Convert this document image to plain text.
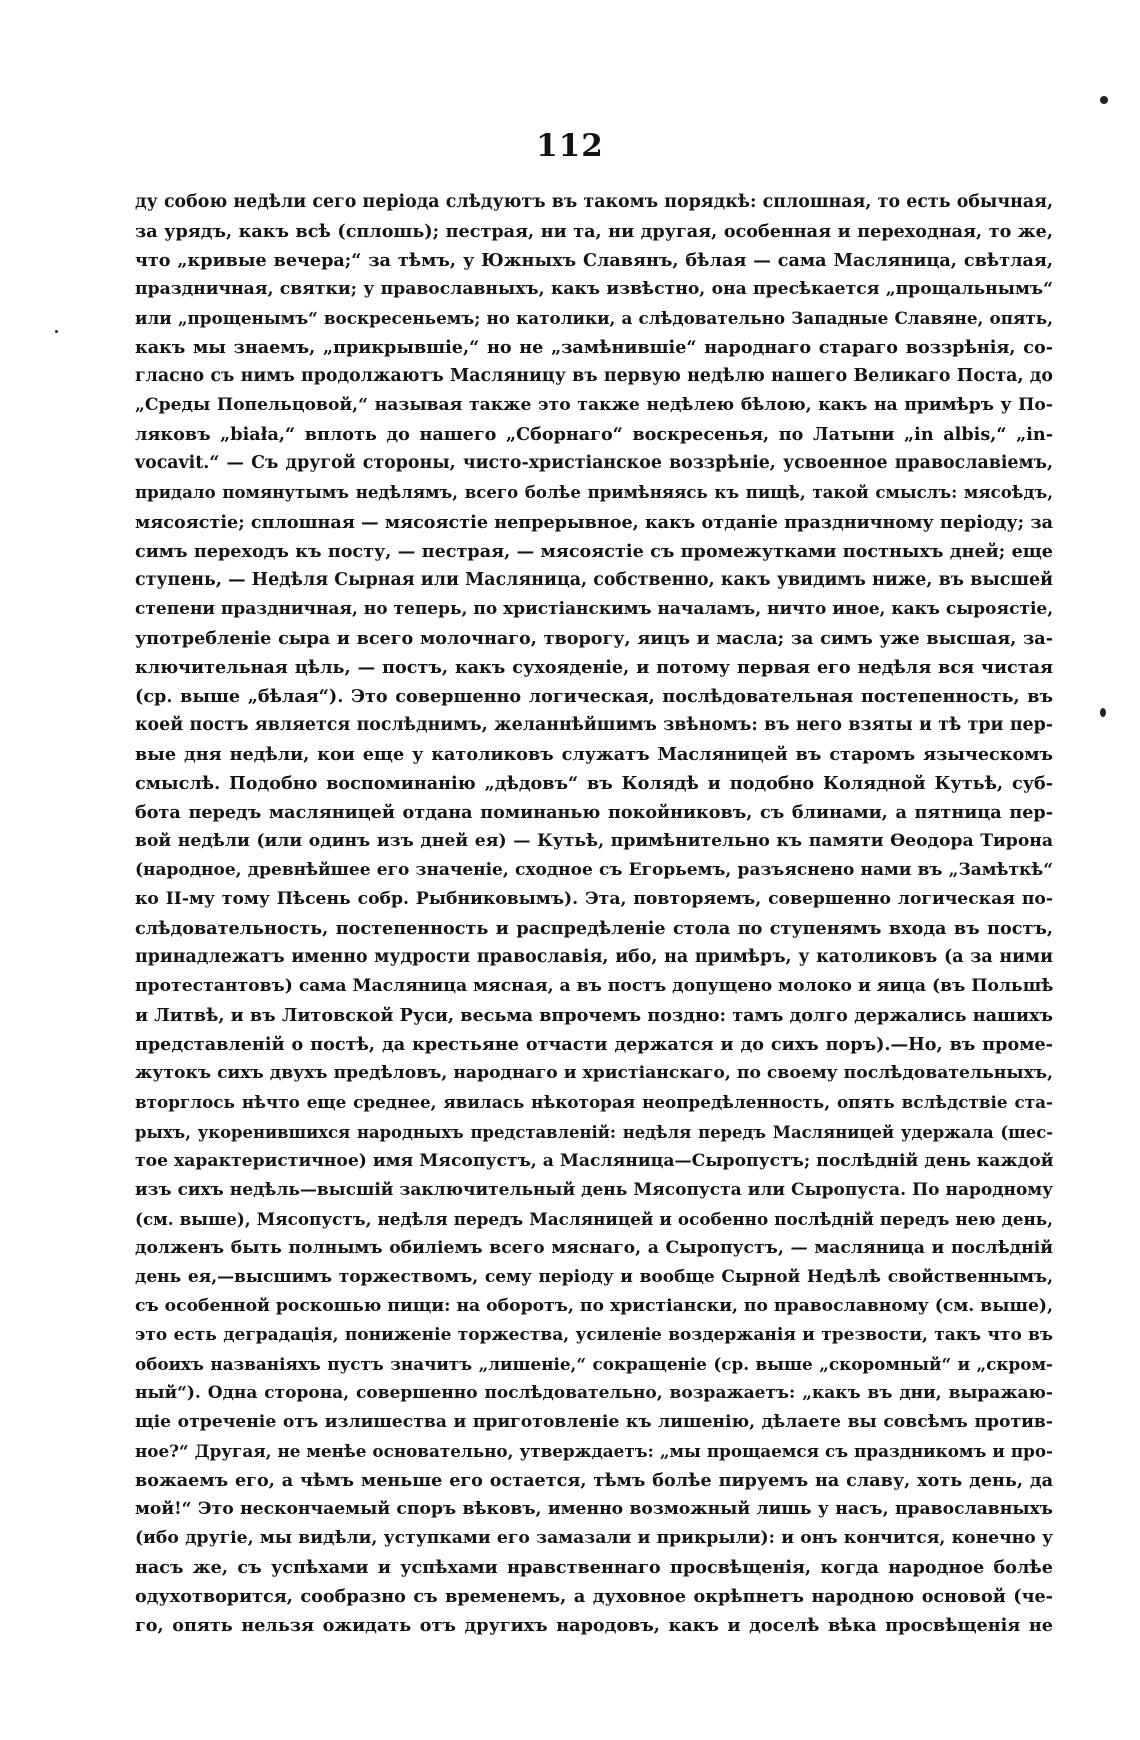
112
ду собою недѣли сего періода слѣдуютъ въ такомъ порядкѣ: сплошная, то есть обычная,
за урядъ, какъ всѣ (сплошь); пестрая, ни та, ни другая, особенная и переходная, то же,
что „кривые вечера;“ за тѣмъ, у Южныхъ Славянъ, бѣлая — сама Масляница, свѣтлая,
праздничная, святки; у православныхъ, какъ извѣстно, она пресѣкается „прощальнымъ“
или „прощенымъ“ воскресеньемъ; но католики, а слѣдовательно Западные Славяне, опять,
какъ мы знаемъ, „прикрывшіе,“ но не „замѣнившіе“ народнаго стараго воззрѣнія, со-
гласно съ нимъ продолжаютъ Масляницу въ первую недѣлю нашего Великаго Поста, до
„Среды Попельцовой,“ называя также это также недѣлею бѣлою, какъ на примѣръ у По-
ляковъ „biała,“ вплоть до нашего „Сборнаго“ воскресенья, по Латыни „in albis,“ „in-
vocavit.“ — Съ другой стороны, чисто-христіанское воззрѣніе, усвоенное православіемъ,
придало помянутымъ недѣлямъ, всего болѣе примѣняясь къ пищѣ, такой смыслъ: мясоѣдъ,
мясоястіе; сплошная — мясоястіе непрерывное, какъ отданіе праздничному періоду; за
симъ переходъ къ посту, — пестрая, — мясоястіе съ промежутками постныхъ дней; еще
ступень, — Недѣля Сырная или Масляница, собственно, какъ увидимъ ниже, въ высшей
степени праздничная, но теперь, по христіанскимъ началамъ, ничто иное, какъ сыроястіе,
употребленіе сыра и всего молочнаго, творогу, яицъ и масла; за симъ уже высшая, за-
ключительная цѣль, — постъ, какъ сухояденіе, и потому первая его недѣля вся чистая
(ср. выше „бѣлая“). Это совершенно логическая, послѣдовательная постепенность, въ
коей постъ является послѣднимъ, желаннѣйшимъ звѣномъ: въ него взяты и тѣ три пер-
вые дня недѣли, кои еще у католиковъ служатъ Масляницей въ старомъ языческомъ
смыслѣ. Подобно воспоминанію „дѣдовъ“ въ Колядѣ и подобно Колядной Кутьѣ, суб-
бота передъ масляницей отдана поминанью покойниковъ, съ блинами, а пятница пер-
вой недѣли (или одинъ изъ дней ея) — Кутьѣ, примѣнительно къ памяти Ѳеодора Тирона
(народное, древнѣйшее его значеніе, сходное съ Егорьемъ, разъяснено нами въ „Замѣткѣ“
ко II-му тому Пѣсень собр. Рыбниковымъ). Эта, повторяемъ, совершенно логическая по-
слѣдовательность, постепенность и распредѣленіе стола по ступенямъ входа въ постъ,
принадлежатъ именно мудрости православія, ибо, на примѣръ, у католиковъ (а за ними
протестантовъ) сама Масляница мясная, а въ постъ допущено молоко и яица (въ Польшѣ
и Литвѣ, и въ Литовской Руси, весьма впрочемъ поздно: тамъ долго держались нашихъ
представленій о постѣ, да крестьяне отчасти держатся и до сихъ поръ).—Но, въ проме-
жутокъ сихъ двухъ предѣловъ, народнаго и христіанскаго, по своему послѣдовательныхъ,
вторглось нѣчто еще среднее, явилась нѣкоторая неопредѣленность, опять вслѣдствіе ста-
рыхъ, укоренившихся народныхъ представленій: недѣля передъ Масляницей удержала (шес-
тое характеристичное) имя Мясопустъ, а Масляница—Сыропустъ; послѣдній день каждой
изъ сихъ недѣль—высшій заключительный день Мясопуста или Сыропуста. По народному
(см. выше), Мясопустъ, недѣля передъ Масляницей и особенно послѣдній передъ нею день,
долженъ быть полнымъ обиліемъ всего мяснаго, а Сыропустъ, — масляница и послѣдній
день ея,—высшимъ торжествомъ, сему періоду и вообще Сырной Недѣлѣ свойственнымъ,
съ особенной роскошью пищи: на оборотъ, по христіански, по православному (см. выше),
это есть деградація, пониженіе торжества, усиленіе воздержанія и трезвости, такъ что въ
обоихъ названіяхъ пустъ значитъ „лишеніе,“ сокращеніе (ср. выше „скоромный“ и „скром-
ный“). Одна сторона, совершенно послѣдовательно, возражаетъ: „какъ въ дни, выражаю-
щіе отреченіе отъ излишества и приготовленіе къ лишенію, дѣлаете вы совсѣмъ против-
ное?“ Другая, не менѣе основательно, утверждаетъ: „мы прощаемся съ праздникомъ и про-
вожаемъ его, а чѣмъ меньше его остается, тѣмъ болѣе пируемъ на славу, хоть день, да
мой!“ Это нескончаемый споръ вѣковъ, именно возможный лишь у насъ, православныхъ
(ибо другіе, мы видѣли, уступками его замазали и прикрыли): и онъ кончится, конечно у
насъ же, съ успѣхами и успѣхами нравственнаго просвѣщенія, когда народное болѣе
одухотворится, сообразно съ временемъ, а духовное окрѣпнетъ народною основой (че-
го, опять нельзя ожидать отъ другихъ народовъ, какъ и доселѣ вѣка просвѣщенія не
